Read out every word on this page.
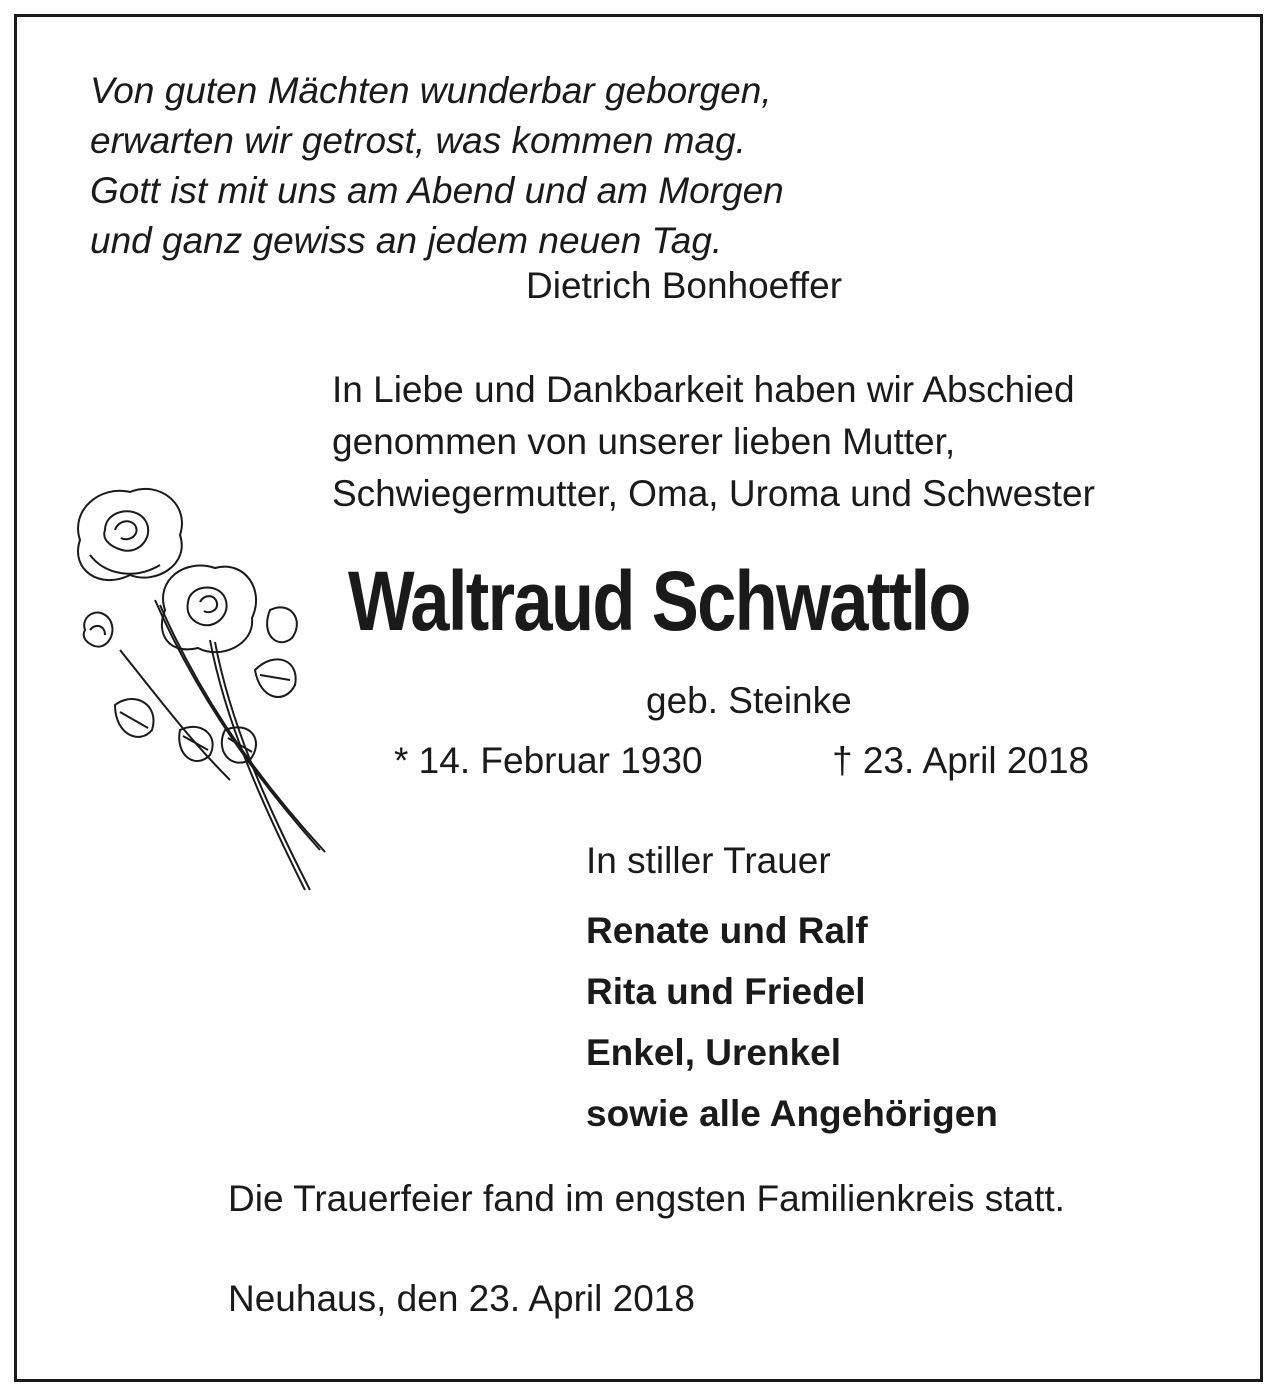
Von guten Mächten wunderbar geborgen,
erwarten wir getrost, was kommen mag.
Gott ist mit uns am Abend und am Morgen
und ganz gewiss an jedem neuen Tag.
Dietrich Bonhoeffer
In Liebe und Dankbarkeit haben wir Abschied
genommen von unserer lieben Mutter,
Schwiegermutter, Oma, Uroma und Schwester
Waltraud Schwattlo
geb. Steinke
* 14. Februar 1930	† 23. April 2018
In stiller Trauer
Renate und Ralf
Rita und Friedel
Enkel, Urenkel
sowie alle Angehörigen
Die Trauerfeier fand im engsten Familienkreis statt.
Neuhaus, den 23. April 2018
